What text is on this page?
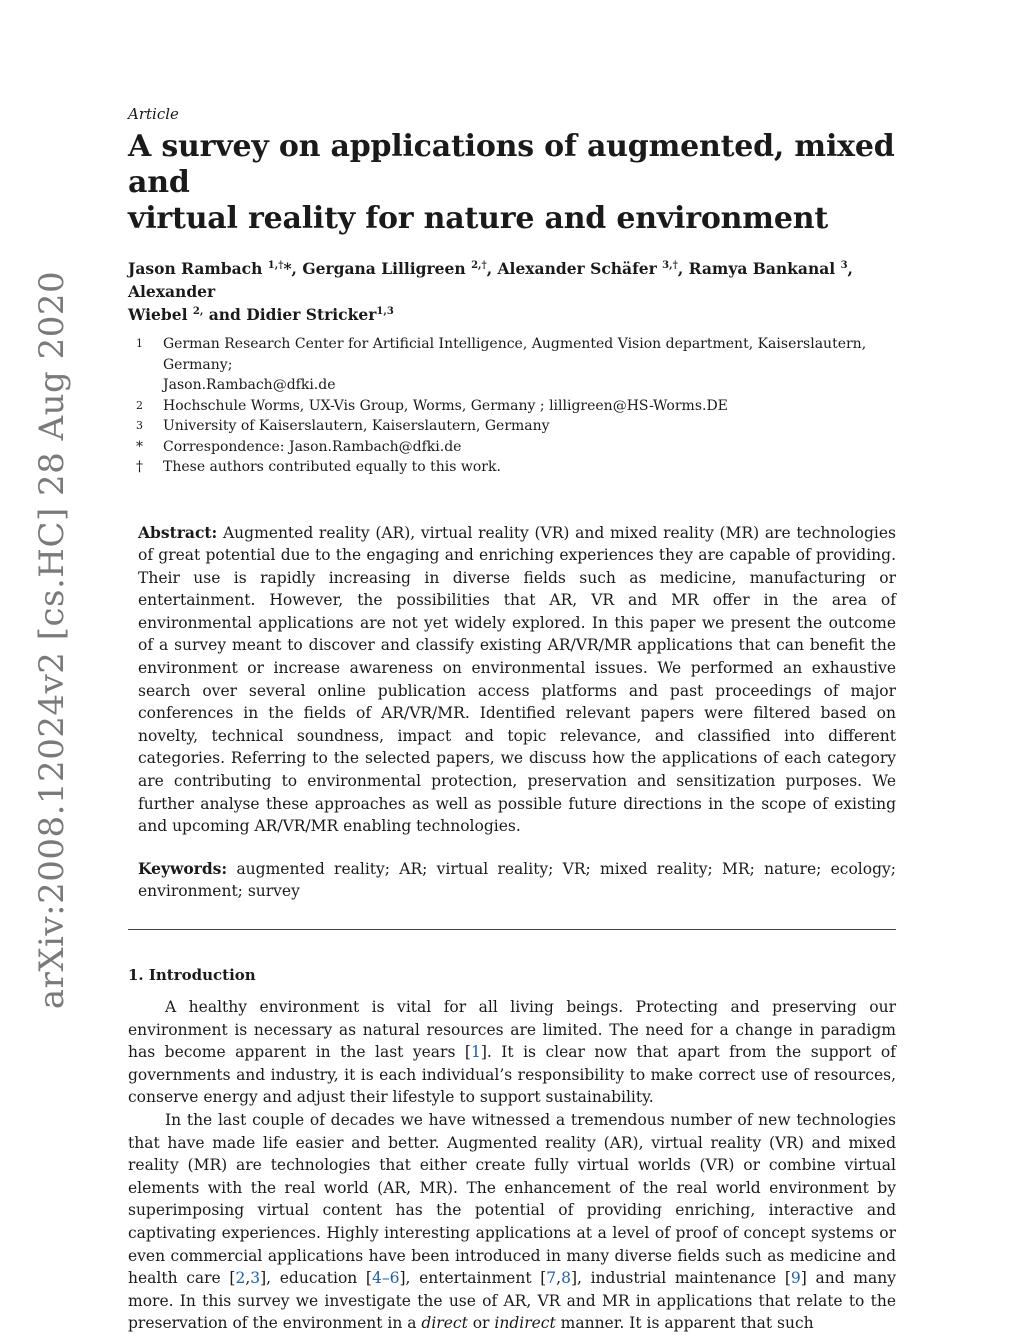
arXiv:2008.12024v2 [cs.HC] 28 Aug 2020
Article
A survey on applications of augmented, mixed and
virtual reality for nature and environment
Jason Rambach $^{1,\dagger}$*, Gergana Lilligreen $^{2,\dagger}$, Alexander Schäfer $^{3,\dagger}$, Ramya Bankanal $^3$, Alexander
Wiebel $^{2,}$ and Didier Stricker$^{1,3}$
1	German Research Center for Artificial Intelligence, Augmented Vision department, Kaiserslautern, Germany;
Jason.Rambach@dfki.de
2	Hochschule Worms, UX-Vis Group, Worms, Germany ; lilligreen@HS-Worms.DE
3	University of Kaiserslautern, Kaiserslautern, Germany
*	Correspondence: Jason.Rambach@dfki.de
†	These authors contributed equally to this work.
Abstract: Augmented reality (AR), virtual reality (VR) and mixed reality (MR) are technologies of great potential due to the engaging and enriching experiences they are capable of providing. Their use is rapidly increasing in diverse fields such as medicine, manufacturing or entertainment. However, the possibilities that AR, VR and MR offer in the area of environmental applications are not yet widely explored. In this paper we present the outcome of a survey meant to discover and classify existing AR/VR/MR applications that can benefit the environment or increase awareness on environmental issues. We performed an exhaustive search over several online publication access platforms and past proceedings of major conferences in the fields of AR/VR/MR. Identified relevant papers were filtered based on novelty, technical soundness, impact and topic relevance, and classified into different categories. Referring to the selected papers, we discuss how the applications of each category are contributing to environmental protection, preservation and sensitization purposes. We further analyse these approaches as well as possible future directions in the scope of existing and upcoming AR/VR/MR enabling technologies.
Keywords: augmented reality; AR; virtual reality; VR; mixed reality; MR; nature; ecology; environment; survey
1. Introduction

A healthy environment is vital for all living beings. Protecting and preserving our environment is necessary as natural resources are limited. The need for a change in paradigm has become apparent in the last years [1]. It is clear now that apart from the support of governments and industry, it is each individual’s responsibility to make correct use of resources, conserve energy and adjust their lifestyle to support sustainability.

In the last couple of decades we have witnessed a tremendous number of new technologies that have made life easier and better. Augmented reality (AR), virtual reality (VR) and mixed reality (MR) are technologies that either create fully virtual worlds (VR) or combine virtual elements with the real world (AR, MR). The enhancement of the real world environment by superimposing virtual content has the potential of providing enriching, interactive and captivating experiences. Highly interesting applications at a level of proof of concept systems or even commercial applications have been introduced in many diverse fields such as medicine and health care [2,3], education [4–6], entertainment [7,8], industrial maintenance [9] and many more. In this survey we investigate the use of AR, VR and MR in applications that relate to the preservation of the environment in a direct or indirect manner. It is apparent that such
